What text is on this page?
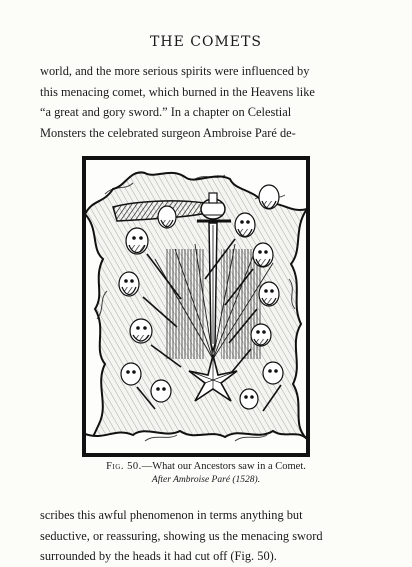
THE COMETS
world, and the more serious spirits were influenced by
this menacing comet, which burned in the Heavens like
“a great and gory sword.” In a chapter on Celestial
Monsters the celebrated surgeon Ambroise Paré de-
Fig. 50.—What our Ancestors saw in a Comet.
After Ambroise Paré (1528).
scribes this awful phenomenon in terms anything but
seductive, or reassuring, showing us the menacing sword
surrounded by the heads it had cut off (Fig. 50).
